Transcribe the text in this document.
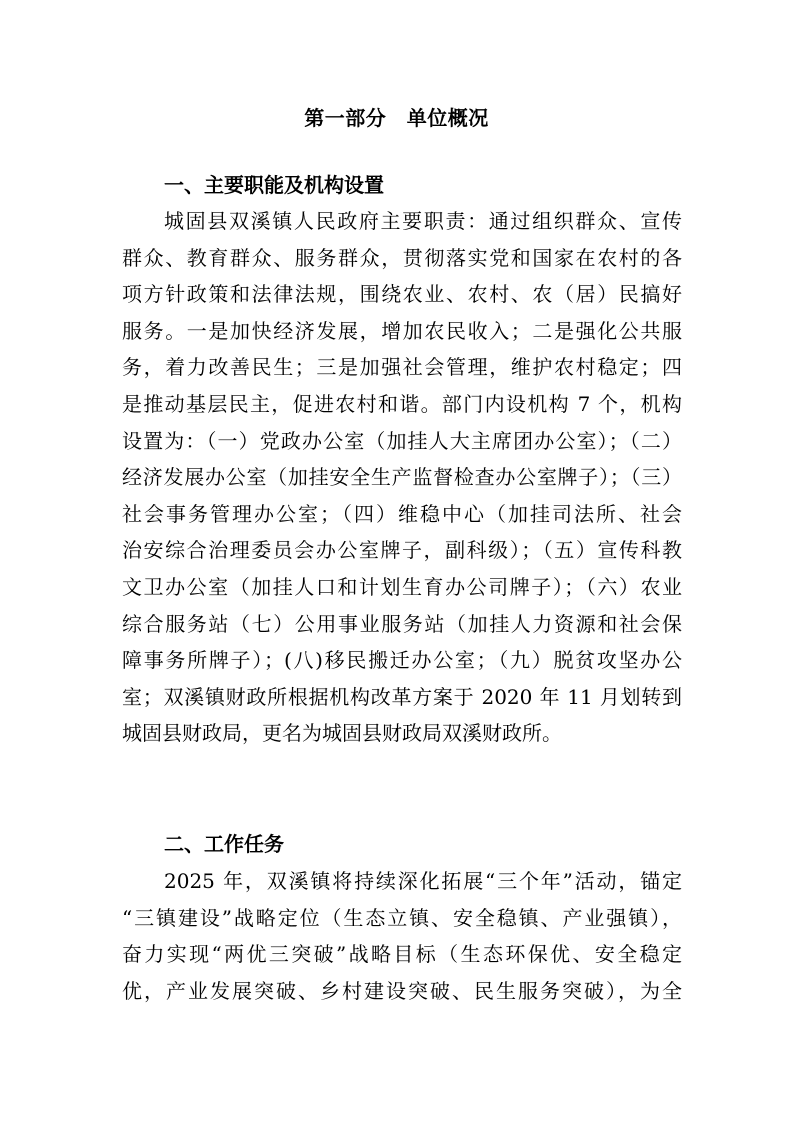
第一部分　单位概况
一、主要职能及机构设置
城固县双溪镇人民政府主要职责：通过组织群众、宣传
群众、教育群众、服务群众，贯彻落实党和国家在农村的各
项方针政策和法律法规，围绕农业、农村、农（居）民搞好
服务。一是加快经济发展，增加农民收入；二是强化公共服
务，着力改善民生；三是加强社会管理，维护农村稳定；四
是推动基层民主，促进农村和谐。部门内设机构 7 个，机构
设置为：（一）党政办公室（加挂人大主席团办公室）；（二）
经济发展办公室（加挂安全生产监督检查办公室牌子）；（三）
社会事务管理办公室；（四）维稳中心（加挂司法所、社会
治安综合治理委员会办公室牌子，副科级）；（五）宣传科教
文卫办公室（加挂人口和计划生育办公司牌子）；（六）农业
综合服务站（七）公用事业服务站（加挂人力资源和社会保
障事务所牌子）；(八)移民搬迁办公室；（九）脱贫攻坚办公
室；双溪镇财政所根据机构改革方案于 2020 年 11 月划转到
城固县财政局，更名为城固县财政局双溪财政所。
二、工作任务
2025 年，双溪镇将持续深化拓展“三个年”活动，锚定
“三镇建设”战略定位（生态立镇、安全稳镇、产业强镇），
奋力实现“两优三突破”战略目标（生态环保优、安全稳定
优，产业发展突破、乡村建设突破、民生服务突破），为全
